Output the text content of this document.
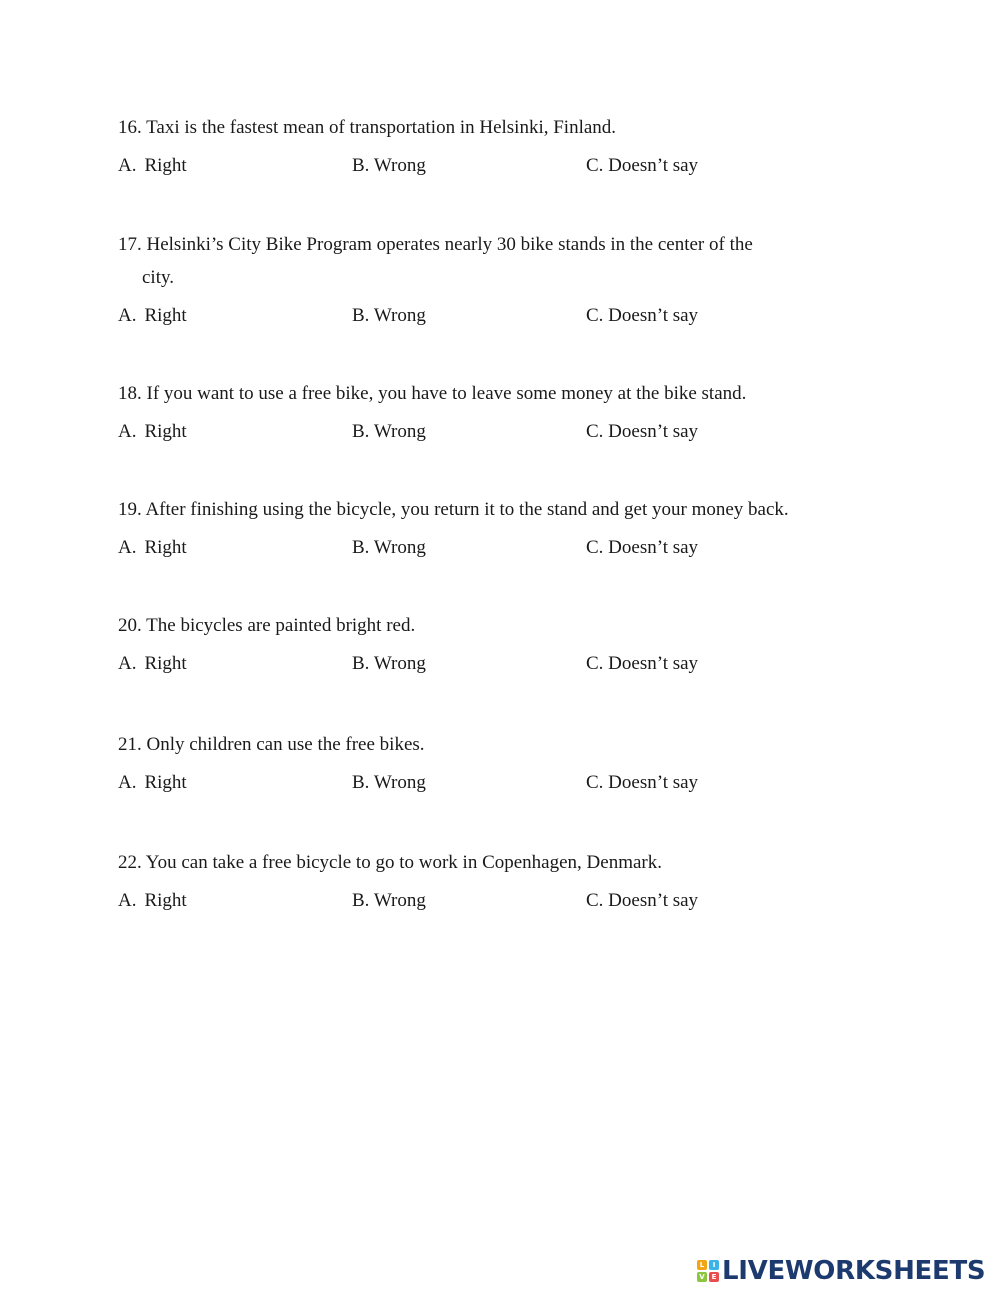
16. Taxi is the fastest mean of transportation in Helsinki, Finland.

A. Right	B. Wrong	C. Doesn’t say

17. Helsinki’s City Bike Program operates nearly 30 bike stands in the center of the
city.

A. Right	B. Wrong	C. Doesn’t say

18. If you want to use a free bike, you have to leave some money at the bike stand.

A. Right	B. Wrong	C. Doesn’t say

19. After finishing using the bicycle, you return it to the stand and get your money back.

A. Right	B. Wrong	C. Doesn’t say

20. The bicycles are painted bright red.

A. Right	B. Wrong	C. Doesn’t say

21. Only children can use the free bikes.

A. Right	B. Wrong	C. Doesn’t say

22. You can take a free bicycle to go to work in Copenhagen, Denmark.

A. Right	B. Wrong	C. Doesn’t say
L	I
V E LIVEWORKSHEETS
